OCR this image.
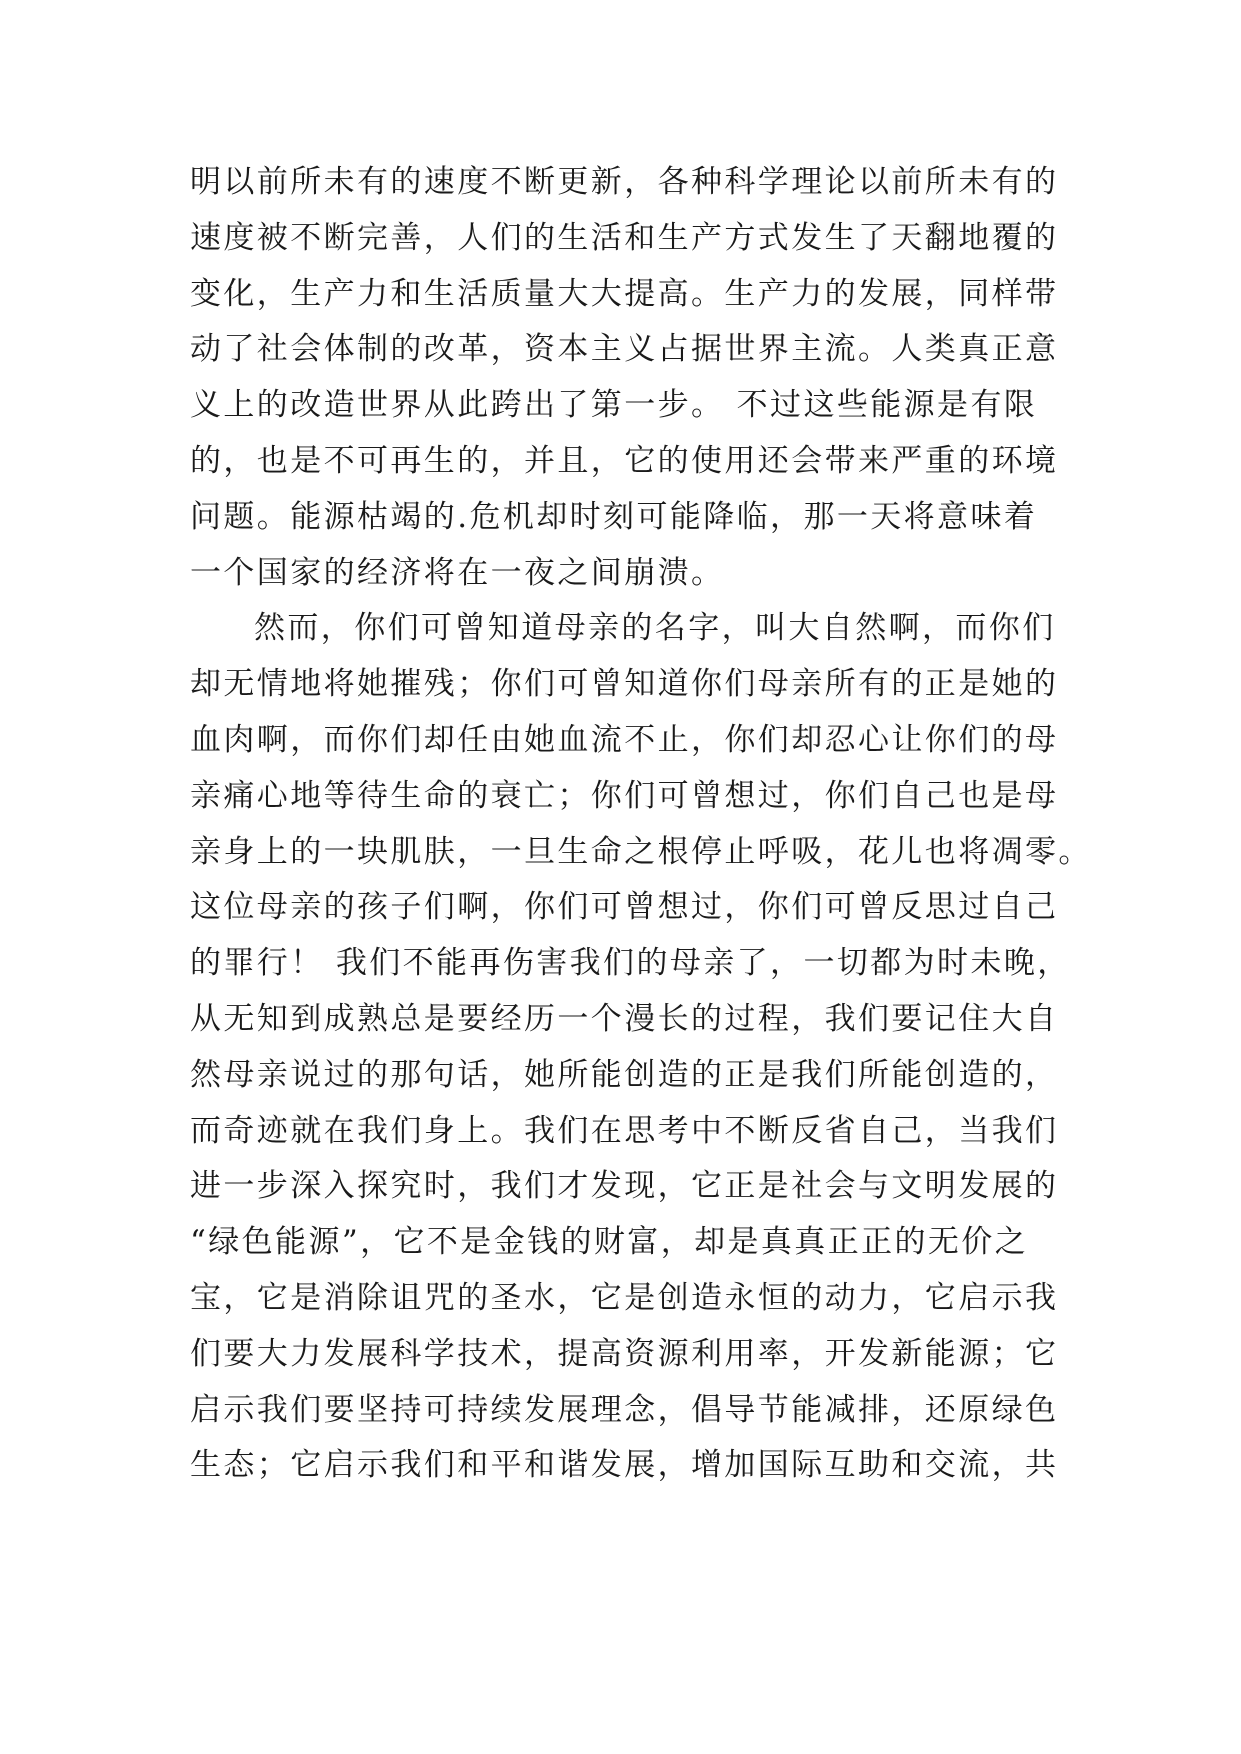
明以前所未有的速度不断更新，各种科学理论以前所未有的
速度被不断完善，人们的生活和生产方式发生了天翻地覆的
变化，生产力和生活质量大大提高。生产力的发展，同样带
动了社会体制的改革，资本主义占据世界主流。人类真正意
义上的改造世界从此跨出了第一步。 不过这些能源是有限
的，也是不可再生的，并且，它的使用还会带来严重的环境
问题。能源枯竭的.危机却时刻可能降临，那一天将意味着
一个国家的经济将在一夜之间崩溃。
然而，你们可曾知道母亲的名字，叫大自然啊，而你们
却无情地将她摧残；你们可曾知道你们母亲所有的正是她的
血肉啊，而你们却任由她血流不止，你们却忍心让你们的母
亲痛心地等待生命的衰亡；你们可曾想过，你们自己也是母
亲身上的一块肌肤，一旦生命之根停止呼吸，花儿也将凋零。
这位母亲的孩子们啊，你们可曾想过，你们可曾反思过自己
的罪行！ 我们不能再伤害我们的母亲了，一切都为时未晚，
从无知到成熟总是要经历一个漫长的过程，我们要记住大自
然母亲说过的那句话，她所能创造的正是我们所能创造的，
而奇迹就在我们身上。我们在思考中不断反省自己，当我们
进一步深入探究时，我们才发现，它正是社会与文明发展的
“绿色能源”，它不是金钱的财富，却是真真正正的无价之
宝，它是消除诅咒的圣水，它是创造永恒的动力，它启示我
们要大力发展科学技术，提高资源利用率，开发新能源；它
启示我们要坚持可持续发展理念，倡导节能减排，还原绿色
生态；它启示我们和平和谐发展，增加国际互助和交流，共
